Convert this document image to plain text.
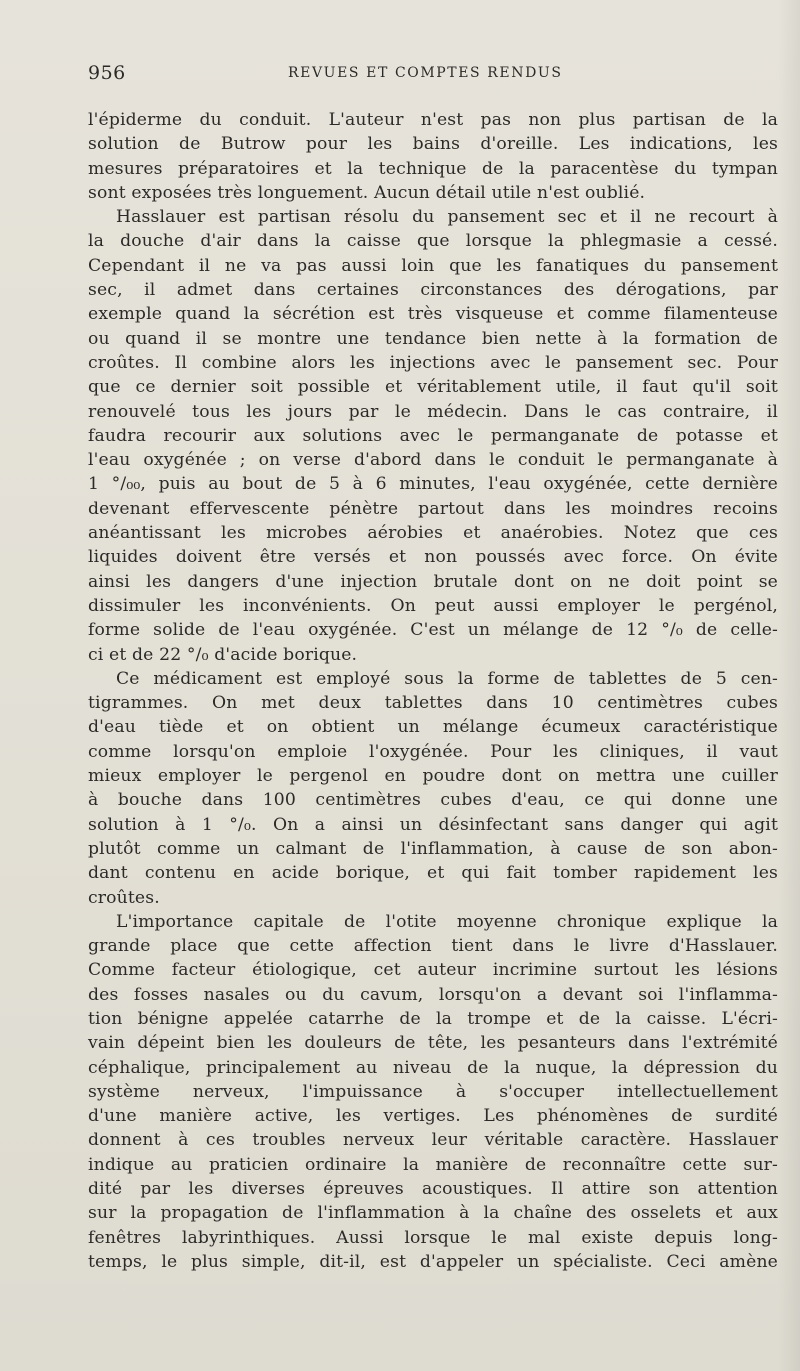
956	REVUES ET COMPTES RENDUS
l'épiderme du conduit. L'auteur n'est pas non plus partisan de la
solution de Butrow pour les bains d'oreille. Les indications, les
mesures préparatoires et la technique de la paracentèse du tympan
sont exposées très longuement. Aucun détail utile n'est oublié.
Hasslauer est partisan résolu du pansement sec et il ne recourt à
la douche d'air dans la caisse que lorsque la phlegmasie a cessé.
Cependant il ne va pas aussi loin que les fanatiques du pansement
sec, il admet dans certaines circonstances des dérogations, par
exemple quand la sécrétion est très visqueuse et comme filamenteuse
ou quand il se montre une tendance bien nette à la formation de
croûtes. Il combine alors les injections avec le pansement sec. Pour
que ce dernier soit possible et véritablement utile, il faut qu'il soit
renouvelé tous les jours par le médecin. Dans le cas contraire, il
faudra recourir aux solutions avec le permanganate de potasse et
l'eau oxygénée ; on verse d'abord dans le conduit le permanganate à
1 °/₀₀, puis au bout de 5 à 6 minutes, l'eau oxygénée, cette dernière
devenant effervescente pénètre partout dans les moindres recoins
anéantissant les microbes aérobies et anaérobies. Notez que ces
liquides doivent être versés et non poussés avec force. On évite
ainsi les dangers d'une injection brutale dont on ne doit point se
dissimuler les inconvénients. On peut aussi employer le pergénol,
forme solide de l'eau oxygénée. C'est un mélange de 12 °/₀ de celle-
ci et de 22 °/₀ d'acide borique.
Ce médicament est employé sous la forme de tablettes de 5 cen-
tigrammes. On met deux tablettes dans 10 centimètres cubes
d'eau tiède et on obtient un mélange écumeux caractéristique
comme lorsqu'on emploie l'oxygénée. Pour les cliniques, il vaut
mieux employer le pergenol en poudre dont on mettra une cuiller
à bouche dans 100 centimètres cubes d'eau, ce qui donne une
solution à 1 °/₀. On a ainsi un désinfectant sans danger qui agit
plutôt comme un calmant de l'inflammation, à cause de son abon-
dant contenu en acide borique, et qui fait tomber rapidement les
croûtes.
L'importance capitale de l'otite moyenne chronique explique la
grande place que cette affection tient dans le livre d'Hasslauer.
Comme facteur étiologique, cet auteur incrimine surtout les lésions
des fosses nasales ou du cavum, lorsqu'on a devant soi l'inflamma-
tion bénigne appelée catarrhe de la trompe et de la caisse. L'écri-
vain dépeint bien les douleurs de tête, les pesanteurs dans l'extrémité
céphalique, principalement au niveau de la nuque, la dépression du
système nerveux, l'impuissance à s'occuper intellectuellement
d'une manière active, les vertiges. Les phénomènes de surdité
donnent à ces troubles nerveux leur véritable caractère. Hasslauer
indique au praticien ordinaire la manière de reconnaître cette sur-
dité par les diverses épreuves acoustiques. Il attire son attention
sur la propagation de l'inflammation à la chaîne des osselets et aux
fenêtres labyrinthiques. Aussi lorsque le mal existe depuis long-
temps, le plus simple, dit-il, est d'appeler un spécialiste. Ceci amène
